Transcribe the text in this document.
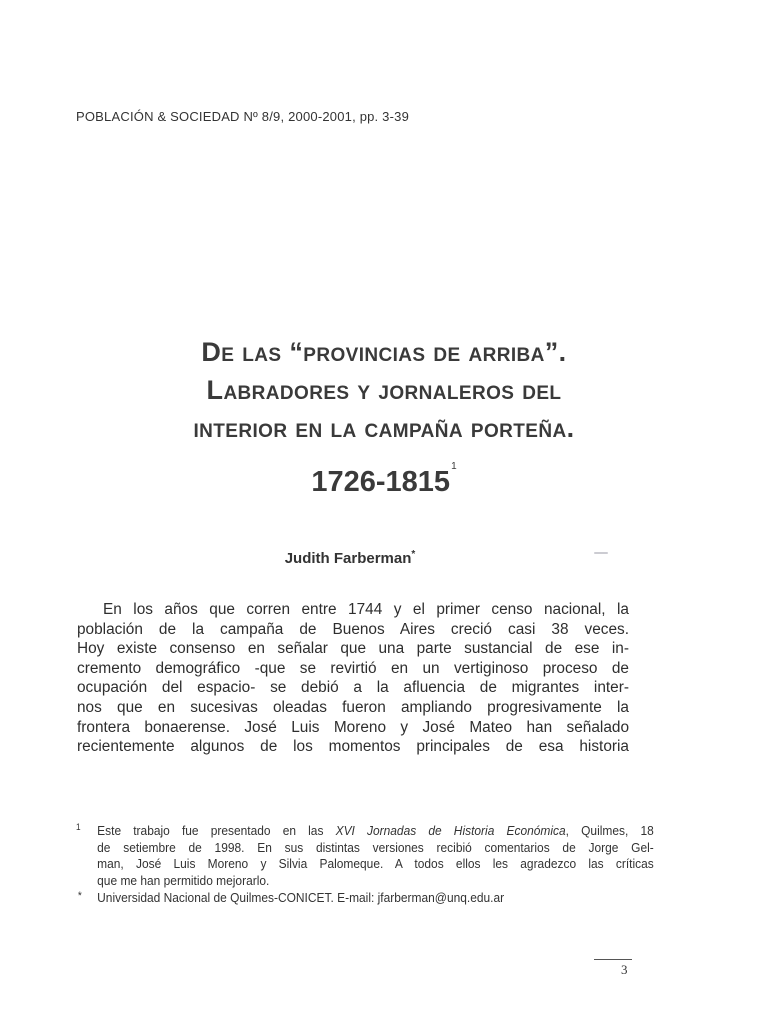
POBLACIÓN & SOCIEDAD Nº 8/9, 2000-2001, pp. 3-39
De las “provincias de arriba”.
Labradores y jornaleros del
interior en la campaña porteña.
1726-1815$^1$
Judith Farberman*
En los años que corren entre 1744 y el primer censo nacional, la
población de la campaña de Buenos Aires creció casi 38 veces.
Hoy existe consenso en señalar que una parte sustancial de ese in-
cremento demográfico -que se revirtió en un vertiginoso proceso de
ocupación del espacio- se debió a la afluencia de migrantes inter-
nos que en sucesivas oleadas fueron ampliando progresivamente la
frontera bonaerense. José Luis Moreno y José Mateo han señalado
recientemente algunos de los momentos principales de esa historia
1 Este trabajo fue presentado en las XVI Jornadas de Historia Económica, Quilmes, 18
de setiembre de 1998. En sus distintas versiones recibió comentarios de Jorge Gel-
man, José Luis Moreno y Silvia Palomeque. A todos ellos les agradezco las críticas
que me han permitido mejorarlo.
* Universidad Nacional de Quilmes-CONICET. E-mail: jfarberman@unq.edu.ar
3
